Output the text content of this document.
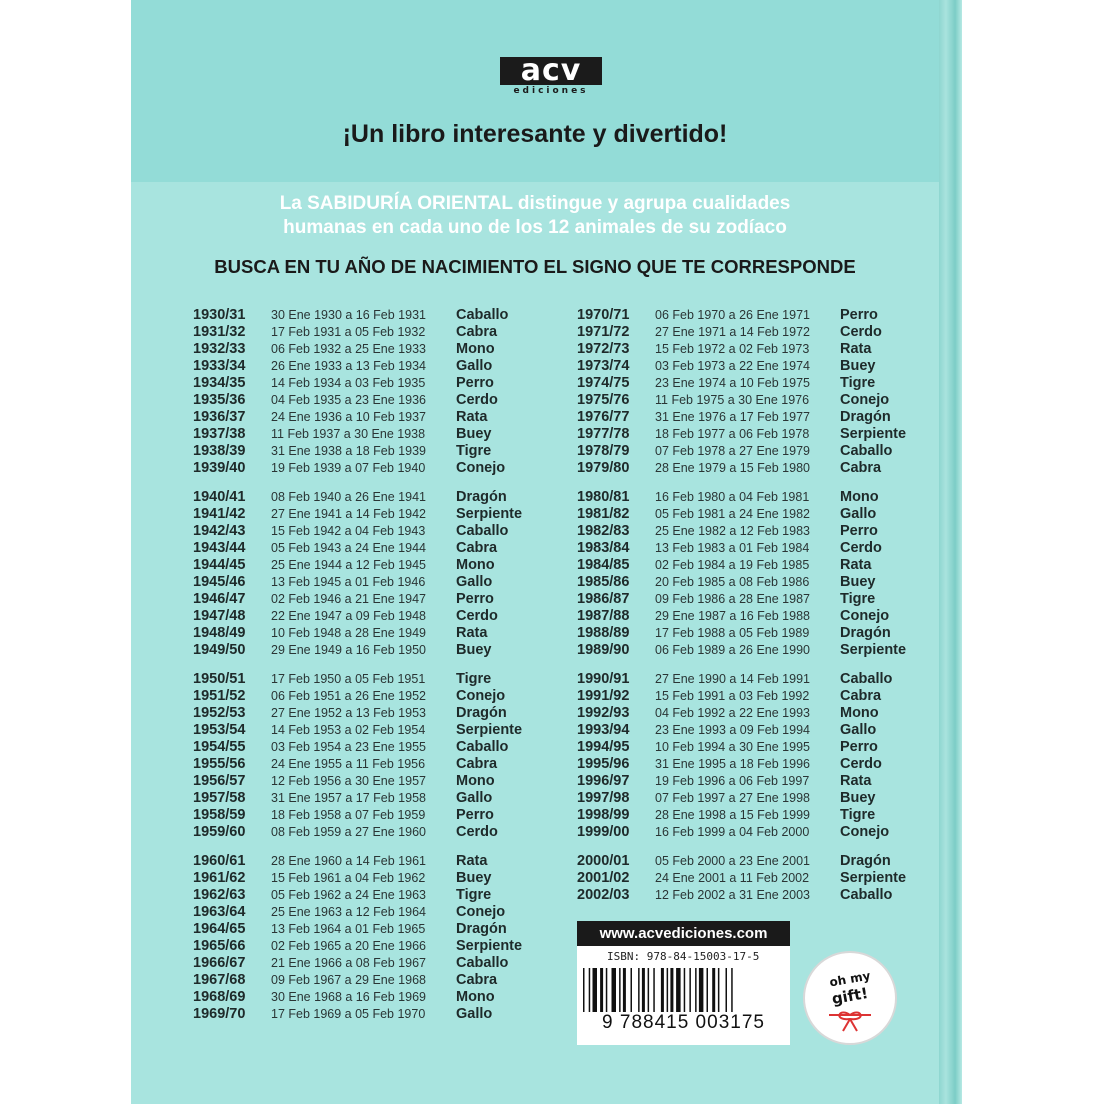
acv
ediciones
¡Un libro interesante y divertido!
La SABIDURÍA ORIENTAL distingue y agrupa cualidades
humanas en cada uno de los 12 animales de su zodíaco
BUSCA EN TU AÑO DE NACIMIENTO EL SIGNO QUE TE CORRESPONDE
1930/31 30 Ene 1930 a 16 Feb 1931 Caballo
1931/32 17 Feb 1931 a 05 Feb 1932 Cabra
1932/33 06 Feb 1932 a 25 Ene 1933 Mono
1933/34 26 Ene 1933 a 13 Feb 1934 Gallo
1934/35 14 Feb 1934 a 03 Feb 1935 Perro
1935/36 04 Feb 1935 a 23 Ene 1936 Cerdo
1936/37 24 Ene 1936 a 10 Feb 1937 Rata
1937/38 11 Feb 1937 a 30 Ene 1938 Buey
1938/39 31 Ene 1938 a 18 Feb 1939 Tigre
1939/40 19 Feb 1939 a 07 Feb 1940 Conejo
1940/41 08 Feb 1940 a 26 Ene 1941 Dragón
1941/42 27 Ene 1941 a 14 Feb 1942 Serpiente
1942/43 15 Feb 1942 a 04 Feb 1943 Caballo
1943/44 05 Feb 1943 a 24 Ene 1944 Cabra
1944/45 25 Ene 1944 a 12 Feb 1945 Mono
1945/46 13 Feb 1945 a 01 Feb 1946 Gallo
1946/47 02 Feb 1946 a 21 Ene 1947 Perro
1947/48 22 Ene 1947 a 09 Feb 1948 Cerdo
1948/49 10 Feb 1948 a 28 Ene 1949 Rata
1949/50 29 Ene 1949 a 16 Feb 1950 Buey
1950/51 17 Feb 1950 a 05 Feb 1951 Tigre
1951/52 06 Feb 1951 a 26 Ene 1952 Conejo
1952/53 27 Ene 1952 a 13 Feb 1953 Dragón
1953/54 14 Feb 1953 a 02 Feb 1954 Serpiente
1954/55 03 Feb 1954 a 23 Ene 1955 Caballo
1955/56 24 Ene 1955 a 11 Feb 1956 Cabra
1956/57 12 Feb 1956 a 30 Ene 1957 Mono
1957/58 31 Ene 1957 a 17 Feb 1958 Gallo
1958/59 18 Feb 1958 a 07 Feb 1959 Perro
1959/60 08 Feb 1959 a 27 Ene 1960 Cerdo
1960/61 28 Ene 1960 a 14 Feb 1961 Rata
1961/62 15 Feb 1961 a 04 Feb 1962 Buey
1962/63 05 Feb 1962 a 24 Ene 1963 Tigre
1963/64 25 Ene 1963 a 12 Feb 1964 Conejo
1964/65 13 Feb 1964 a 01 Feb 1965 Dragón
1965/66 02 Feb 1965 a 20 Ene 1966 Serpiente
1966/67 21 Ene 1966 a 08 Feb 1967 Caballo
1967/68 09 Feb 1967 a 29 Ene 1968 Cabra
1968/69 30 Ene 1968 a 16 Feb 1969 Mono
1969/70 17 Feb 1969 a 05 Feb 1970 Gallo
1970/71 06 Feb 1970 a 26 Ene 1971 Perro
1971/72 27 Ene 1971 a 14 Feb 1972 Cerdo
1972/73 15 Feb 1972 a 02 Feb 1973 Rata
1973/74 03 Feb 1973 a 22 Ene 1974 Buey
1974/75 23 Ene 1974 a 10 Feb 1975 Tigre
1975/76 11 Feb 1975 a 30 Ene 1976 Conejo
1976/77 31 Ene 1976 a 17 Feb 1977 Dragón
1977/78 18 Feb 1977 a 06 Feb 1978 Serpiente
1978/79 07 Feb 1978 a 27 Ene 1979 Caballo
1979/80 28 Ene 1979 a 15 Feb 1980 Cabra
1980/81 16 Feb 1980 a 04 Feb 1981 Mono
1981/82 05 Feb 1981 a 24 Ene 1982 Gallo
1982/83 25 Ene 1982 a 12 Feb 1983 Perro
1983/84 13 Feb 1983 a 01 Feb 1984 Cerdo
1984/85 02 Feb 1984 a 19 Feb 1985 Rata
1985/86 20 Feb 1985 a 08 Feb 1986 Buey
1986/87 09 Feb 1986 a 28 Ene 1987 Tigre
1987/88 29 Ene 1987 a 16 Feb 1988 Conejo
1988/89 17 Feb 1988 a 05 Feb 1989 Dragón
1989/90 06 Feb 1989 a 26 Ene 1990 Serpiente
1990/91 27 Ene 1990 a 14 Feb 1991 Caballo
1991/92 15 Feb 1991 a 03 Feb 1992 Cabra
1992/93 04 Feb 1992 a 22 Ene 1993 Mono
1993/94 23 Ene 1993 a 09 Feb 1994 Gallo
1994/95 10 Feb 1994 a 30 Ene 1995 Perro
1995/96 31 Ene 1995 a 18 Feb 1996 Cerdo
1996/97 19 Feb 1996 a 06 Feb 1997 Rata
1997/98 07 Feb 1997 a 27 Ene 1998 Buey
1998/99 28 Ene 1998 a 15 Feb 1999 Tigre
1999/00 16 Feb 1999 a 04 Feb 2000 Conejo
2000/01 05 Feb 2000 a 23 Ene 2001 Dragón
2001/02 24 Ene 2001 a 11 Feb 2002 Serpiente
2002/03 12 Feb 2002 a 31 Ene 2003 Caballo
www.acvediciones.com
ISBN: 978-84-15003-17-5
9 788415 003175
oh my
gift!
